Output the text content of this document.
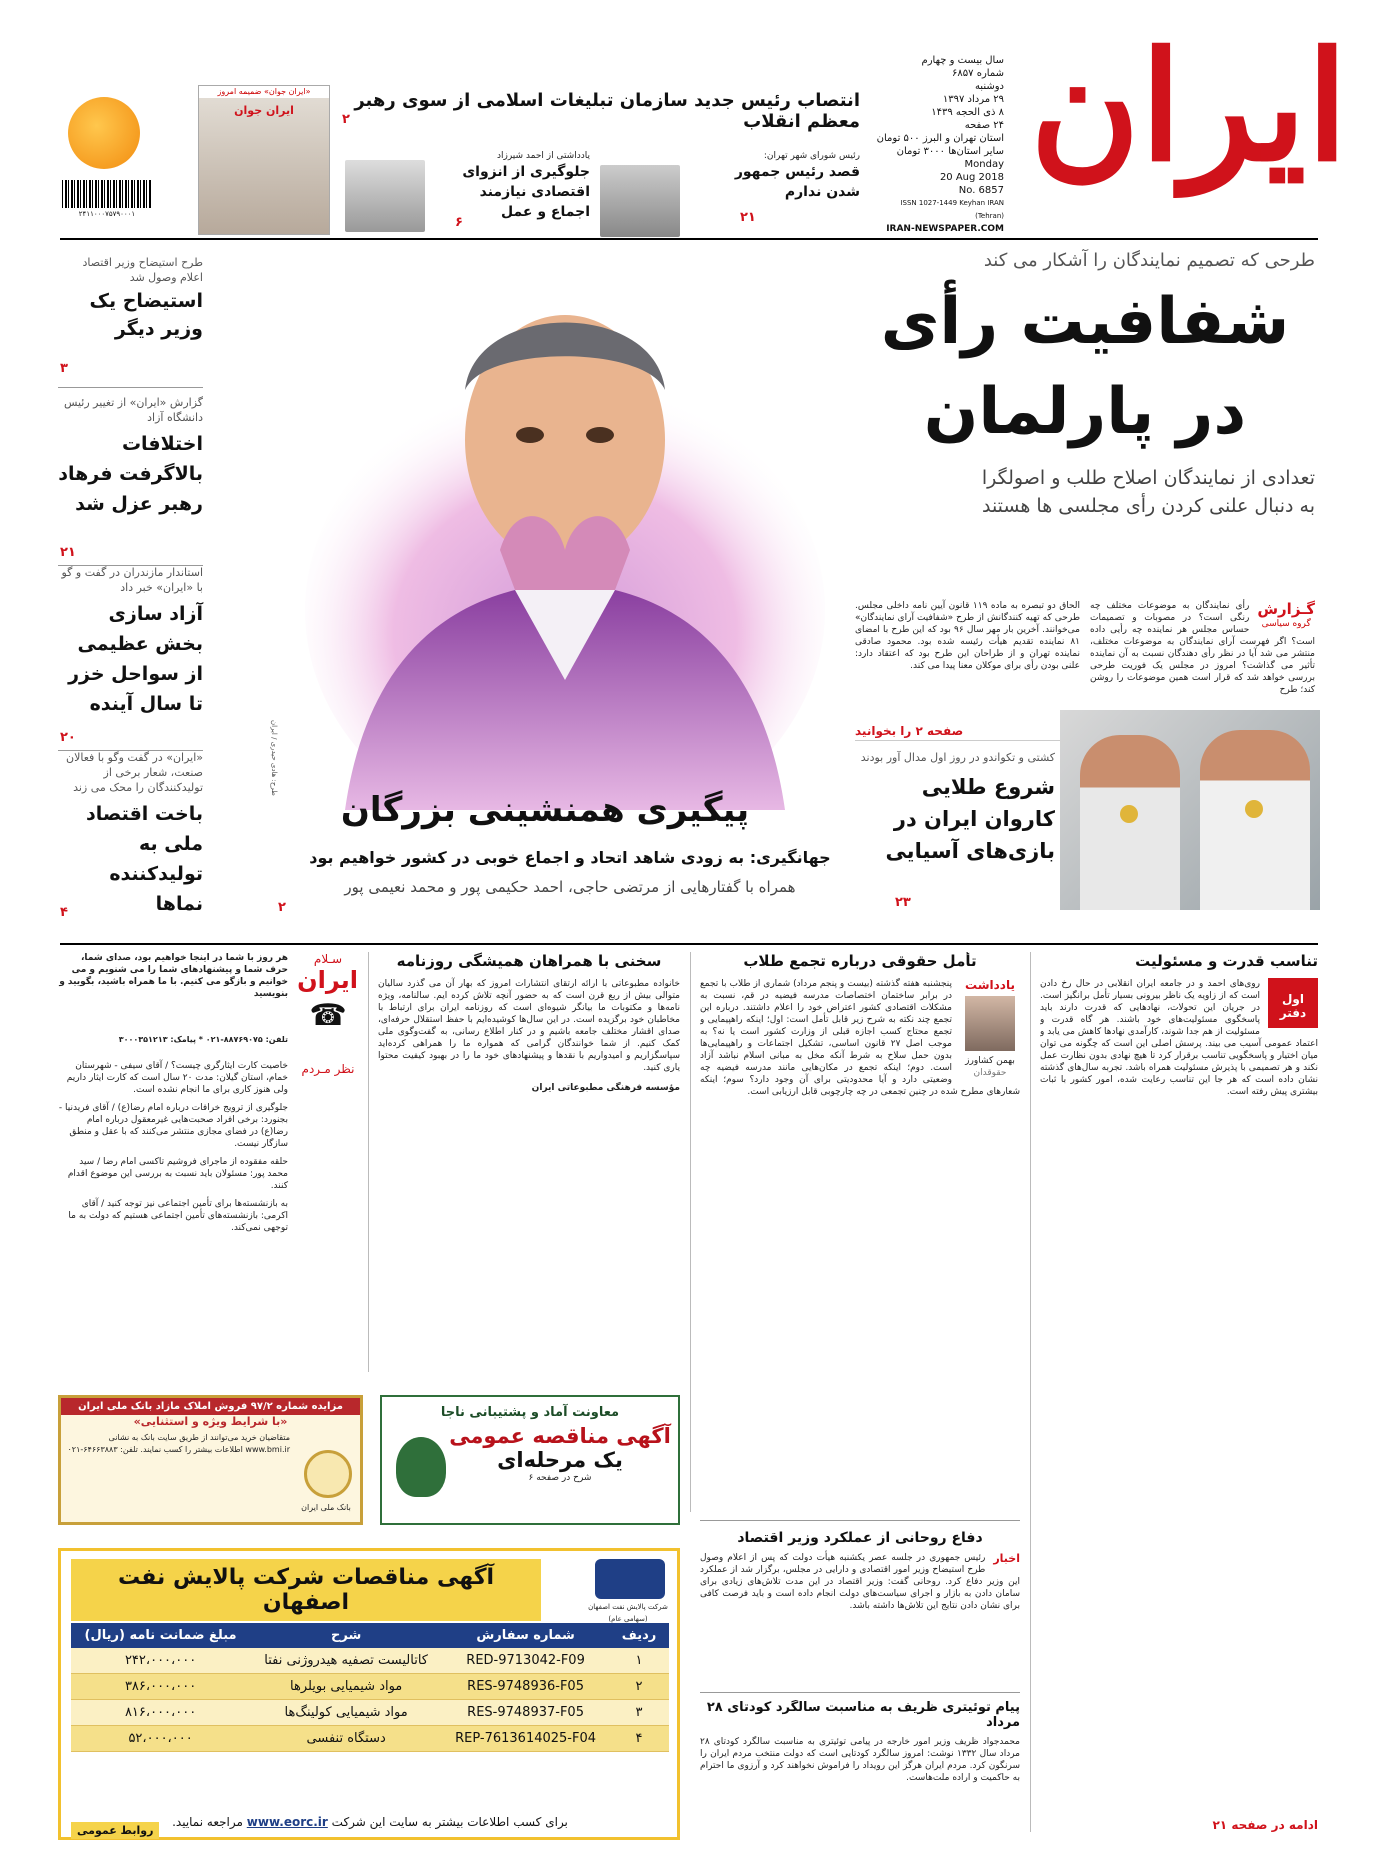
ایران
سال بیست و چهارم
شماره ۶۸۵۷
دوشنبه
۲۹ مرداد ۱۳۹۷
۸ ذی الحجه ۱۴۳۹
۲۴ صفحه
استان تهران و البرز ۵۰۰ تومان
سایر استان‌ها ۳۰۰۰ تومان
Monday
20 Aug 2018
No. 6857
ISSN 1027-1449 Keyhan IRAN (Tehran)
IRAN-NEWSPAPER.COM
انتصاب رئیس جدید سازمان تبلیغات اسلامی از سوی رهبر معظم انقلاب
۲
رئیس شورای شهر تهران:
قصد رئیس جمهور شدن ندارم
۲۱
یادداشتی از احمد شیرزاد
جلوگیری از انزوای اقتصادی نیازمند اجماع و عمل
۶
«ایران جوان» ضمیمه امروز
ایران جوان
۲۴۱۱۰۰۰۷۵۷۹۰۰۰۱
طرح استیضاح وزیر اقتصاد اعلام وصول شد
استیضاح یک وزیر دیگر
۳
گزارش «ایران» از تغییر رئیس دانشگاه آزاد
اختلافات بالاگرفت فرهاد رهبر عزل شد
۲۱
استاندار مازندران در گفت و گو با «ایران» خبر داد
آزاد سازی بخش عظیمی از سواحل خزر تا سال آینده
۲۰
«ایران» در گفت وگو با فعالان صنعت، شعار برخی از تولیدکنندگان را محک می زند
باخت اقتصاد ملی به تولیدکننده نماها
۴
طرح: هادی حیدری / ایران
پیگیری همنشینی بزرگان
جهانگیری: به زودی شاهد اتحاد و اجماع خوبی در کشور خواهیم بود
همراه با گفتارهایی از مرتضی حاجی، احمد حکیمی پور و محمد نعیمی پور
۲
طرحی که تصمیم نمایندگان را آشکار می کند
شفافیت رأی
در پارلمان
تعدادی از نمایندگان اصلاح طلب و اصولگرا
به دنبال علنی کردن رأی مجلسی ها هستند
گـزارش
گروه سیاسی
رأی نمایندگان به موضوعات مختلف چه رنگی است؟ در مصوبات و تصمیمات حساس مجلس هر نماینده چه رأیی داده است؟ اگر فهرست آرای نمایندگان به موضوعات مختلف، منتشر می شد آیا در نظر رأی دهندگان نسبت به آن نماینده تأثیر می گذاشت؟ امروز در مجلس یک فوریت طرحی بررسی خواهد شد که قرار است همین موضوعات را روشن کند؛ طرح
الحاق دو تبصره به ماده ۱۱۹ قانون آیین نامه داخلی مجلس. طرحی که تهیه کنندگانش از طرح «شفافیت آرای نمایندگان» می‌خوانند. آخرین بار مهر سال ۹۶ بود که این طرح با امضای ۸۱ نماینده تقدیم هیأت رئیسه شده بود. محمود صادقی نماینده تهران و از طراحان این طرح بود که اعتقاد دارد: علنی بودن رأی برای موکلان معنا پیدا می کند.
صفحه ۲ را بخوانید
کشتی و تکواندو در روز اول مدال آور بودند
شروع طلایی کاروان ایران در بازی‌های آسیایی
۲۳
تناسب قدرت و مسئولیت
اول دفتر
روی‌های احمد و در جامعه ایران انقلابی در حال رخ دادن است که از زاویه یک ناظر بیرونی بسیار تأمل برانگیز است. در جریان این تحولات، نهادهایی که قدرت دارند باید پاسخگوی مسئولیت‌های خود باشند. هر گاه قدرت و مسئولیت از هم جدا شوند، کارآمدی نهادها کاهش می یابد و اعتماد عمومی آسیب می بیند. پرسش اصلی این است که چگونه می توان میان اختیار و پاسخگویی تناسب برقرار کرد تا هیچ نهادی بدون نظارت عمل نکند و هر تصمیمی با پذیرش مسئولیت همراه باشد. تجربه سال‌های گذشته نشان داده است که هر جا این تناسب رعایت شده، امور کشور با ثبات بیشتری پیش رفته است.
ادامه در صفحه ۲۱
تأمل حقوقی درباره تجمع طلاب
یادداشت
بهمن کشاورز
حقوقدان
پنجشنبه هفته گذشته (بیست و پنجم مرداد) شماری از طلاب با تجمع در برابر ساختمان اختصاصات مدرسه فیضیه در قم، نسبت به مشکلات اقتصادی کشور اعتراض خود را اعلام داشتند. درباره این تجمع چند نکته به شرح زیر قابل تأمل است: اول؛ اینکه راهپیمایی و تجمع محتاج کسب اجازه قبلی از وزارت کشور است یا نه؟ به موجب اصل ۲۷ قانون اساسی، تشکیل اجتماعات و راهپیمایی‌ها بدون حمل سلاح به شرط آنکه مخل به مبانی اسلام نباشد آزاد است. دوم؛ اینکه تجمع در مکان‌هایی مانند مدرسه فیضیه چه وضعیتی دارد و آیا محدودیتی برای آن وجود دارد؟ سوم؛ اینکه شعارهای مطرح شده در چنین تجمعی در چه چارچوبی قابل ارزیابی است.
سخنی با همراهان همیشگی روزنامه
خانواده مطبوعاتی با ارائه ارتقای انتشارات امروز که بهار آن می گذرد سالیان متوالی بیش از ربع قرن است که به حضور آنچه تلاش کرده ایم. سالنامه، ویژه نامه‌ها و مکتوبات ما بیانگر شیوه‌ای است که روزنامه ایران برای ارتباط با مخاطبان خود برگزیده است. در این سال‌ها کوشیده‌ایم با حفظ استقلال حرفه‌ای، صدای اقشار مختلف جامعه باشیم و در کنار اطلاع رسانی، به گفت‌وگوی ملی کمک کنیم. از شما خوانندگان گرامی که همواره ما را همراهی کرده‌اید سپاسگزاریم و امیدواریم با نقدها و پیشنهادهای خود ما را در بهبود کیفیت محتوا یاری کنید.
مؤسسه فرهنگی مطبوعاتی ایران
سـلام
ایران
☎
هر روز با شما در اینجا خواهیم بود، صدای شما، حرف شما و پیشنهادهای شما را می شنویم و می خوانیم و بازگو می کنیم. با ما همراه باشید، بگویید و بنویسید
تلفن: ۸۸۷۶۹۰۷۵-۰۲۱ * پیامک: ۳۰۰۰۳۵۱۲۱۳
نظر مـردم
خاصیت کارت ایثارگری چیست؟ / آقای سیفی - شهرستان خمام، استان گیلان: مدت ۲۰ سال است که کارت ایثار داریم ولی هنوز کاری برای ما انجام نشده است.
جلوگیری از ترویج خرافات درباره امام رضا(ع) / آقای فریدنیا - بجنورد: برخی افراد صحبت‌هایی غیرمعقول درباره امام رضا(ع) در فضای مجازی منتشر می‌کنند که با عقل و منطق سازگار نیست.
حلقه مفقوده از ماجرای فروشیم تاکسی امام رضا / سید محمد پور: مسئولان باید نسبت به بررسی این موضوع اقدام کنند.
به بازنشسته‌ها برای تأمین اجتماعی نیز توجه کنید / آقای اکرمی: بازنشسته‌های تأمین اجتماعی هستیم که دولت به ما توجهی نمی‌کند.
دفاع روحانی از عملکرد وزیر اقتصاد
اخبار
رئیس جمهوری در جلسه عصر یکشنبه هیأت دولت که پس از اعلام وصول طرح استیضاح وزیر امور اقتصادی و دارایی در مجلس، برگزار شد از عملکرد این وزیر دفاع کرد. روحانی گفت: وزیر اقتصاد در این مدت تلاش‌های زیادی برای سامان دادن به بازار و اجرای سیاست‌های دولت انجام داده است و باید فرصت کافی برای نشان دادن نتایج این تلاش‌ها داشته باشد.
پیام توئیتری ظریف به مناسبت سالگرد کودتای ۲۸ مرداد
محمدجواد ظریف وزیر امور خارجه در پیامی توئیتری به مناسبت سالگرد کودتای ۲۸ مرداد سال ۱۳۳۲ نوشت: امروز سالگرد کودتایی است که دولت منتخب مردم ایران را سرنگون کرد. مردم ایران هرگز این رویداد را فراموش نخواهند کرد و آرزوی ما احترام به حاکمیت و اراده ملت‌هاست.
مزایده شماره ۹۷/۲ فروش املاک مازاد بانک ملی ایران
«با شرایط ویژه و استثنایی»
متقاضیان خرید می‌توانند از طریق سایت بانک به نشانی www.bmi.ir اطلاعات بیشتر را کسب نمایند. تلفن: ۶۴۶۶۳۸۸۳-۰۲۱
بانک ملی ایران
معاونت آماد و پشتیبانی ناجا
آگهی مناقصه عمومی
یک مرحله‌ای
شرح در صفحه ۶
آگهی مناقصات شرکت پالایش نفت اصفهان	شرکت پالایش نفت اصفهان (سهامی عام)
ردیف	شماره سفارش	شرح	مبلغ ضمانت نامه (ریال)
۱	RED-9713042-F09	کاتالیست تصفیه هیدروژنی نفتا	۲۴۲،۰۰۰،۰۰۰
۲	RES-9748936-F05	مواد شیمیایی بویلرها	۳۸۶،۰۰۰،۰۰۰
۳	RES-9748937-F05	مواد شیمیایی کولینگ‌ها	۸۱۶،۰۰۰،۰۰۰
۴	REP-7613614025-F04	دستگاه تنفسی	۵۲،۰۰۰،۰۰۰
برای کسب اطلاعات بیشتر به سایت این شرکت www.eorc.ir مراجعه نمایید.
روابط عمومی
